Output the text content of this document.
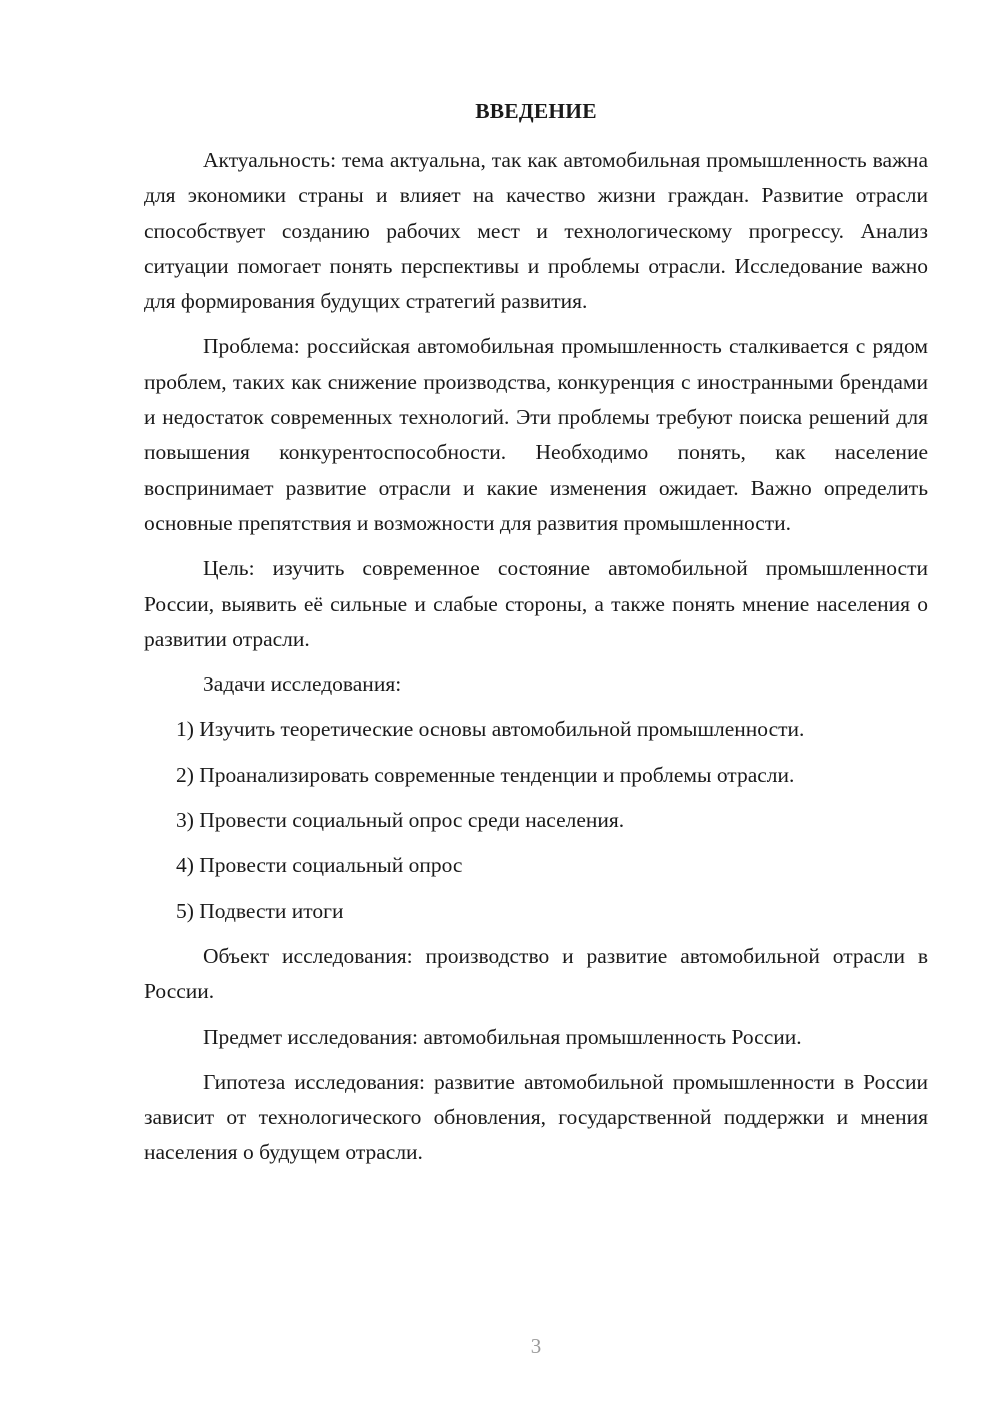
ВВЕДЕНИЕ

Актуальность: тема актуальна, так как автомобильная промышленность важна для экономики страны и влияет на качество жизни граждан. Развитие отрасли способствует созданию рабочих мест и технологическому прогрессу. Анализ ситуации помогает понять перспективы и проблемы отрасли. Исследование важно для формирования будущих стратегий развития.

Проблема: российская автомобильная промышленность сталкивается с рядом проблем, таких как снижение производства, конкуренция с иностранными брендами и недостаток современных технологий. Эти проблемы требуют поиска решений для повышения конкурентоспособности. Необходимо понять, как население воспринимает развитие отрасли и какие изменения ожидает. Важно определить основные препятствия и возможности для развития промышленности.

Цель: изучить современное состояние автомобильной промышленности России, выявить её сильные и слабые стороны, а также понять мнение населения о развитии отрасли.

Задачи исследования:

1) Изучить теоретические основы автомобильной промышленности.
2) Проанализировать современные тенденции и проблемы отрасли.
3) Провести социальный опрос среди населения.
4) Провести социальный опрос
5) Подвести итоги

Объект исследования: производство и развитие автомобильной отрасли в России.

Предмет исследования: автомобильная промышленность России.

Гипотеза исследования: развитие автомобильной промышленности в России зависит от технологического обновления, государственной поддержки и мнения населения о будущем отрасли.

3
